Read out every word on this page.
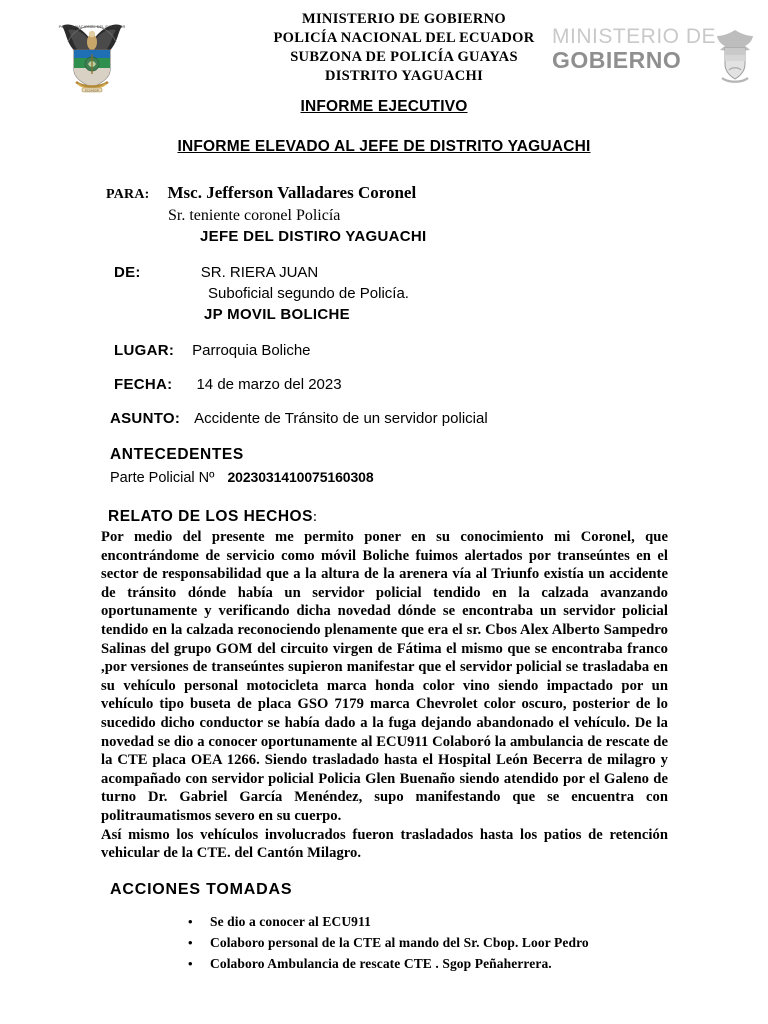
POLICIA NACIONAL DEL ECUADOR
ECUADOR
MINISTERIO DE GOBIERNO
POLICÍA NACIONAL DEL ECUADOR
SUBZONA DE POLICÍA GUAYAS
DISTRITO YAGUACHI
MINISTERIO DE
GOBIERNO
INFORME EJECUTIVO
INFORME ELEVADO AL JEFE DE DISTRITO YAGUACHI
PARA: Msc. Jefferson Valladares Coronel
Sr. teniente coronel Policía
JEFE DEL DISTIRO YAGUACHI
DE:	SR. RIERA JUAN
Suboficial segundo de Policía.
JP MOVIL BOLICHE
LUGAR: Parroquia Boliche
FECHA: 14 de marzo del 2023
ASUNTO: Accidente de Tránsito de un servidor policial
ANTECEDENTES
Parte Policial Nº 2023031410075160308
RELATO DE LOS HECHOS:

Por medio del presente me permito poner en su conocimiento mi Coronel, que encontrándome de servicio como móvil Boliche fuimos alertados por transeúntes en el sector de responsabilidad que a la altura de la arenera vía al Triunfo existía un accidente de tránsito dónde había un servidor policial tendido en la calzada avanzando oportunamente y verificando dicha novedad dónde se encontraba un servidor policial tendido en la calzada reconociendo plenamente que era el sr. Cbos Alex Alberto Sampedro Salinas del grupo GOM del circuito virgen de Fátima el mismo que se encontraba franco ,por versiones de transeúntes supieron manifestar que el servidor policial se trasladaba en su vehículo personal motocicleta marca honda color vino siendo impactado por un vehículo tipo buseta de placa GSO 7179 marca Chevrolet color oscuro, posterior de lo sucedido dicho conductor se había dado a la fuga dejando abandonado el vehículo. De la novedad se dio a conocer oportunamente al ECU911 Colaboró la ambulancia de rescate de la CTE placa OEA 1266. Siendo trasladado hasta el Hospital León Becerra de milagro y acompañado con servidor policial Policia Glen Buenaño siendo atendido por el Galeno de turno Dr. Gabriel García Menéndez, supo manifestando que se encuentra con politraumatismos severo en su cuerpo.

Así mismo los vehículos involucrados fueron trasladados hasta los patios de retención vehicular de la CTE. del Cantón Milagro.

ACCIONES TOMADAS
• Se dio a conocer al ECU911
• Colaboro personal de la CTE al mando del Sr. Cbop. Loor Pedro
• Colaboro Ambulancia de rescate CTE . Sgop Peñaherrera.
